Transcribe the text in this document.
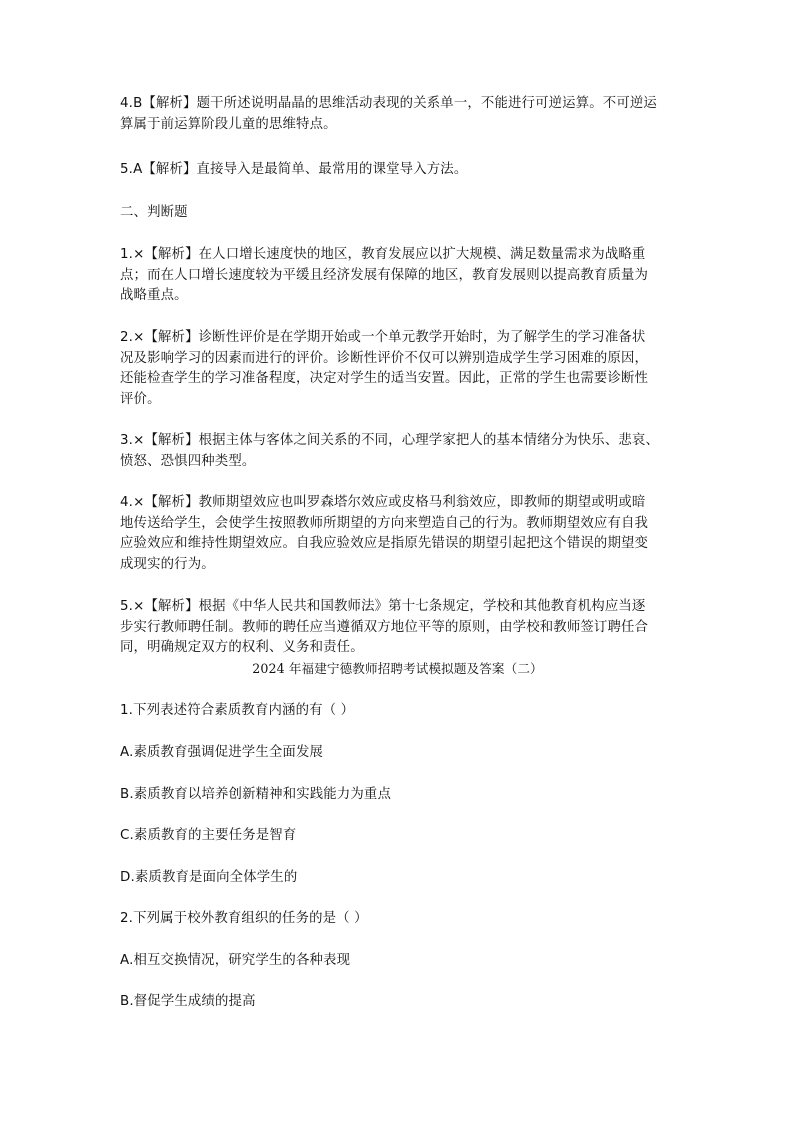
4.B【解析】题干所述说明晶晶的思维活动表现的关系单一，不能进行可逆运算。不可逆运
算属于前运算阶段儿童的思维特点。

5.A【解析】直接导入是最简单、最常用的课堂导入方法。

二、判断题

1.×【解析】在人口增长速度快的地区，教育发展应以扩大规模、满足数量需求为战略重
点；而在人口增长速度较为平缓且经济发展有保障的地区，教育发展则以提高教育质量为
战略重点。

2.×【解析】诊断性评价是在学期开始或一个单元教学开始时，为了解学生的学习准备状
况及影响学习的因素而进行的评价。诊断性评价不仅可以辨别造成学生学习困难的原因，
还能检查学生的学习准备程度，决定对学生的适当安置。因此，正常的学生也需要诊断性
评价。

3.×【解析】根据主体与客体之间关系的不同，心理学家把人的基本情绪分为快乐、悲哀、
愤怒、恐惧四种类型。

4.×【解析】教师期望效应也叫罗森塔尔效应或皮格马利翁效应，即教师的期望或明或暗
地传送给学生，会使学生按照教师所期望的方向来塑造自己的行为。教师期望效应有自我
应验效应和维持性期望效应。自我应验效应是指原先错误的期望引起把这个错误的期望变
成现实的行为。

5.×【解析】根据《中华人民共和国教师法》第十七条规定，学校和其他教育机构应当逐
步实行教师聘任制。教师的聘任应当遵循双方地位平等的原则，由学校和教师签订聘任合
同，明确规定双方的权利、义务和责任。

2024 年福建宁德教师招聘考试模拟题及答案（二）

1.下列表述符合素质教育内涵的有（ ）

A.素质教育强调促进学生全面发展

B.素质教育以培养创新精神和实践能力为重点

C.素质教育的主要任务是智育

D.素质教育是面向全体学生的

2.下列属于校外教育组织的任务的是（ ）

A.相互交换情况，研究学生的各种表现

B.督促学生成绩的提高
